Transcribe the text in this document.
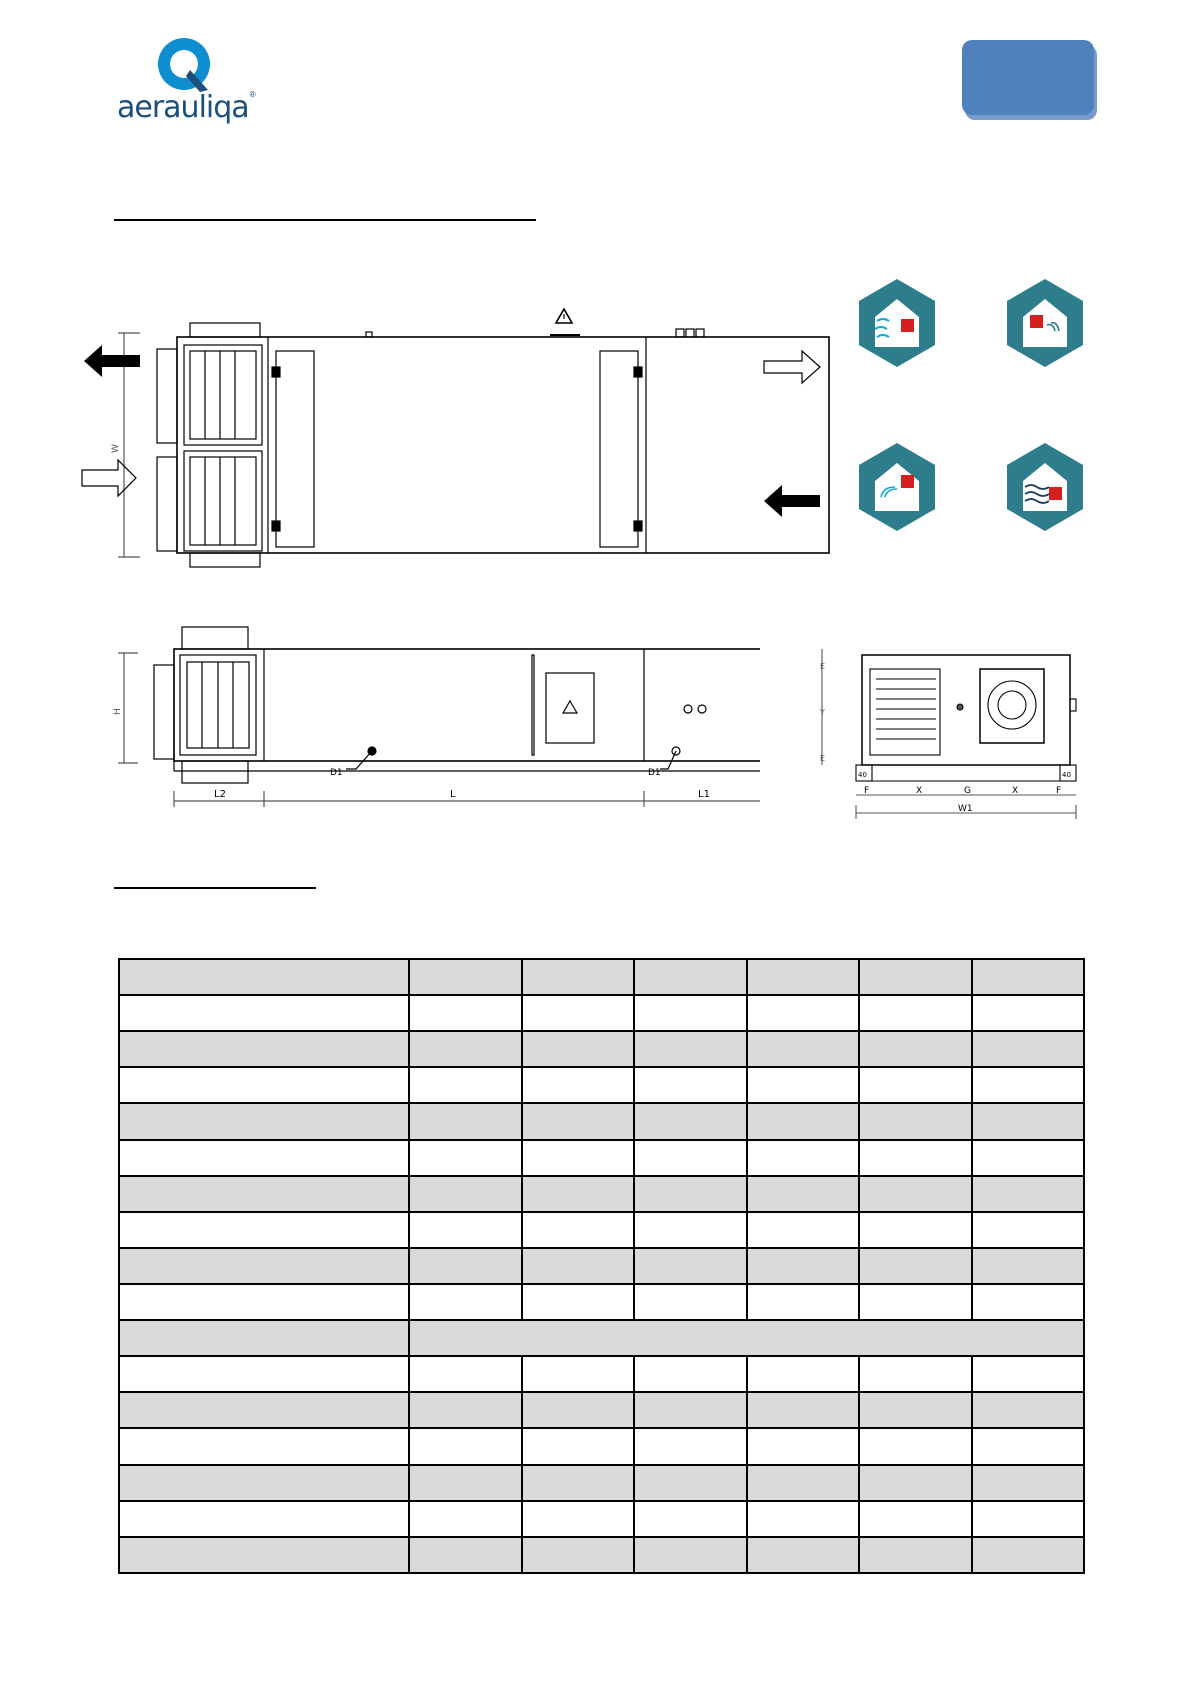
aerauliqa®
W
H
D1	D1
L2	L	L1
E
Y
E
40	40
F	X	G	X	F
W1
